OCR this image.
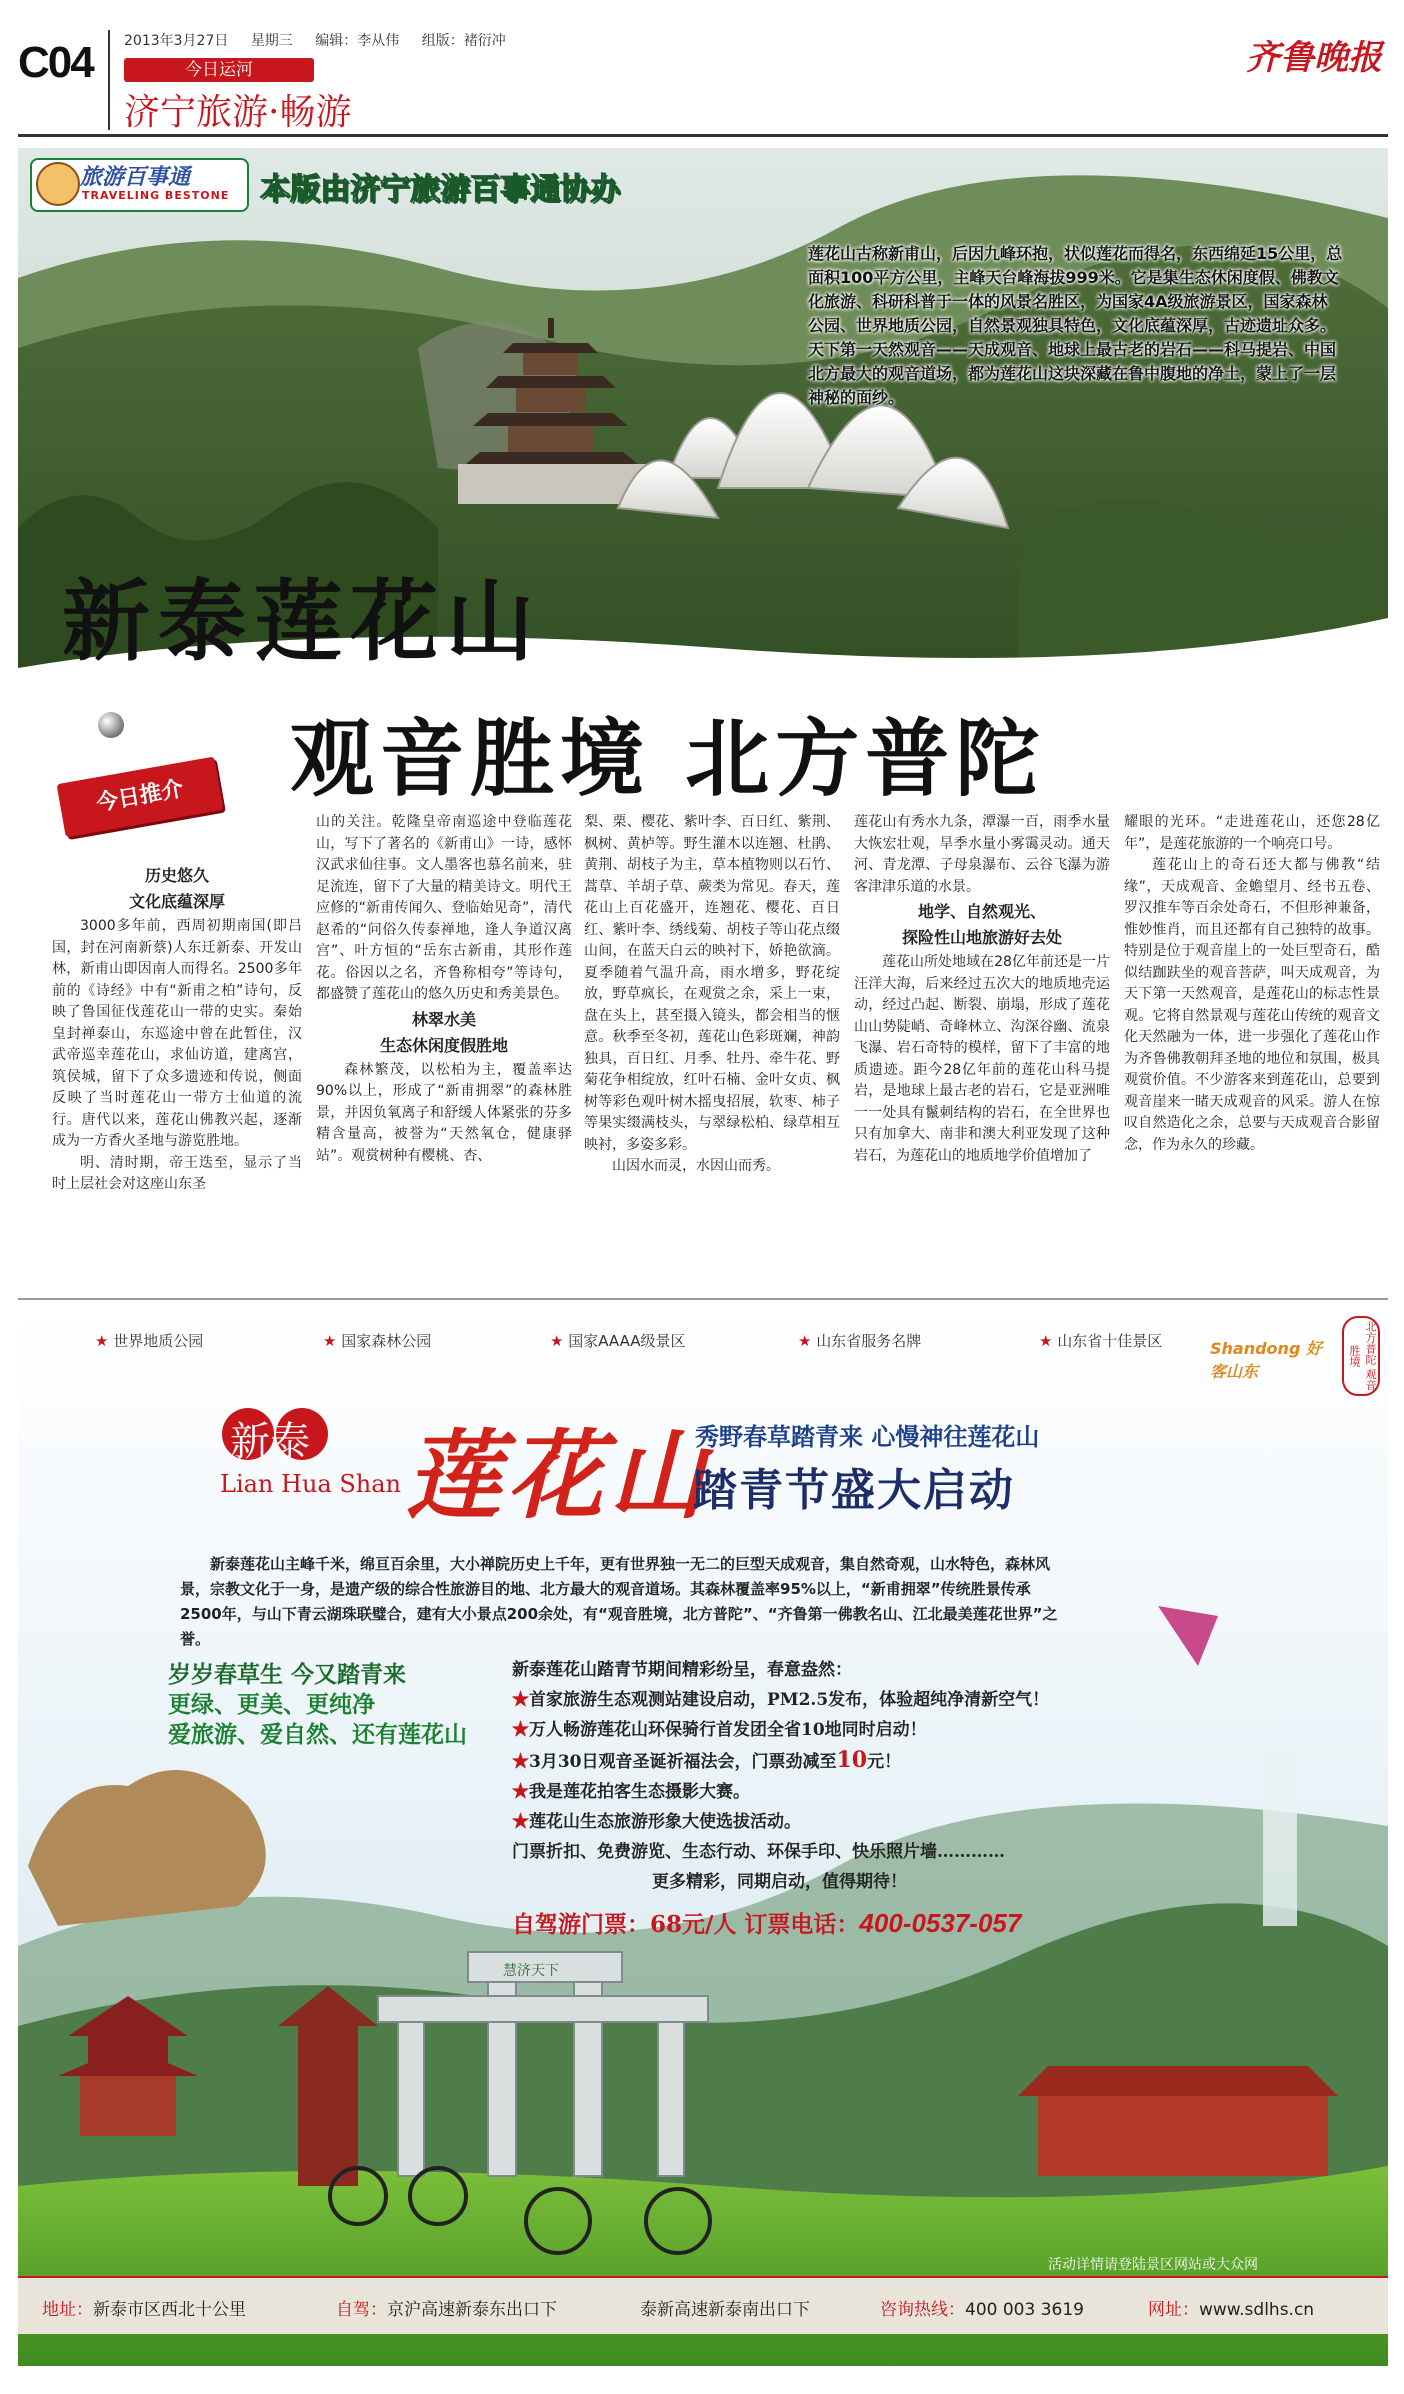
C04 2013年3月27日 星期三 编辑：李从伟 组版：褚衍冲
今日运河
济宁旅游·畅游
齐鲁晚报
旅游百事通
TRAVELING BESTONE 本版由济宁旅游百事通协办
莲花山古称新甫山，后因九峰环抱，状似莲花而得名，东西绵延15公里，总面积100平方公里，主峰天台峰海拔999米。它是集生态休闲度假、佛教文化旅游、科研科普于一体的风景名胜区，为国家4A级旅游景区，国家森林公园、世界地质公园，自然景观独具特色，文化底蕴深厚，古迹遗址众多。天下第一天然观音——天成观音、地球上最古老的岩石——科马提岩、中国北方最大的观音道场，都为莲花山这块深藏在鲁中腹地的净土，蒙上了一层神秘的面纱。
新泰莲花山
观音胜境 北方普陀
今日推介
历史悠久
文化底蕴深厚

3000多年前，西周初期南国(即吕国，封在河南新蔡)人东迁新泰、开发山林，新甫山即因南人而得名。2500多年前的《诗经》中有“新甫之柏”诗句，反映了鲁国征伐莲花山一带的史实。秦始皇封禅泰山，东巡途中曾在此暂住，汉武帝巡幸莲花山，求仙访道，建离宫，筑侯城，留下了众多遗迹和传说，侧面反映了当时莲花山一带方士仙道的流行。唐代以来，莲花山佛教兴起，逐渐成为一方香火圣地与游览胜地。

明、清时期，帝王迭至，显示了当时上层社会对这座山东圣

山的关注。乾隆皇帝南巡途中登临莲花山，写下了著名的《新甫山》一诗，感怀汉武求仙往事。文人墨客也慕名前来，驻足流连，留下了大量的精美诗文。明代王应修的“新甫传闻久、登临始见奇”，清代赵希的“问俗久传泰禅地，逢人争道汉离宫”、叶方恒的“岳东古新甫，其形作莲花。俗因以之名，齐鲁称相夸”等诗句，都盛赞了莲花山的悠久历史和秀美景色。

林翠水美
生态休闲度假胜地

森林繁茂，以松柏为主，覆盖率达90%以上，形成了“新甫拥翠”的森林胜景，并因负氧离子和舒缓人体紧张的芬多精含量高，被誉为“天然氧仓，健康驿站”。观赏树种有樱桃、杏、

梨、栗、樱花、紫叶李、百日红、紫荆、枫树、黄栌等。野生灌木以连翘、杜鹃、黄荆、胡枝子为主，草本植物则以石竹、蒿草、羊胡子草、蕨类为常见。春天，莲花山上百花盛开，连翘花、樱花、百日红、紫叶李、绣线菊、胡枝子等山花点缀山间，在蓝天白云的映衬下，娇艳欲滴。夏季随着气温升高，雨水增多，野花绽放，野草疯长，在观赏之余，采上一束，盘在头上，甚至摄入镜头，都会相当的惬意。秋季至冬初，莲花山色彩斑斓，神韵独具，百日红、月季、牡丹、牵牛花、野菊花争相绽放，红叶石楠、金叶女贞、枫树等彩色观叶树木摇曳招展，软枣、柿子等果实缀满枝头，与翠绿松柏、绿草相互映衬，多姿多彩。

山因水而灵，水因山而秀。

莲花山有秀水九条，潭瀑一百，雨季水量大恢宏壮观，旱季水量小雾霭灵动。通天河、青龙潭、子母泉瀑布、云谷飞瀑为游客津津乐道的水景。

地学、自然观光、
探险性山地旅游好去处

莲花山所处地域在28亿年前还是一片汪洋大海，后来经过五次大的地质地壳运动，经过凸起、断裂、崩塌，形成了莲花山山势陡峭、奇峰林立、沟深谷幽、流泉飞瀑、岩石奇特的模样，留下了丰富的地质遗迹。距今28亿年前的莲花山科马提岩，是地球上最古老的岩石，它是亚洲唯一一处具有鬣刺结构的岩石，在全世界也只有加拿大、南非和澳大利亚发现了这种岩石，为莲花山的地质地学价值增加了

耀眼的光环。“走进莲花山，还您28亿年”，是莲花旅游的一个响亮口号。

莲花山上的奇石还大都与佛教“结缘”，天成观音、金蟾望月、经书五卷、罗汉推车等百余处奇石，不但形神兼备，惟妙惟肖，而且还都有自己独特的故事。特别是位于观音崖上的一处巨型奇石，酷似结跏趺坐的观音菩萨，叫天成观音，为天下第一天然观音，是莲花山的标志性景观。它将自然景观与莲花山传统的观音文化天然融为一体，进一步强化了莲花山作为齐鲁佛教朝拜圣地的地位和氛围，极具观赏价值。不少游客来到莲花山，总要到观音崖来一睹天成观音的风采。游人在惊叹自然造化之余，总要与天成观音合影留念，作为永久的珍藏。

★ 世界地质公园	★ 国家森林公园	★ 国家AAAA级景区	★ 山东省服务名牌	★ 山东省十佳景区	Shandong 好客山东	北方普陀 观音胜境
新泰
Lian Hua Shan 莲花山
秀野春草踏青来 心慢神往莲花山
踏青节盛大启动
新泰莲花山主峰千米，绵亘百余里，大小禅院历史上千年，更有世界独一无二的巨型天成观音，集自然奇观，山水特色，森林风景，宗教文化于一身，是遗产级的综合性旅游目的地、北方最大的观音道场。其森林覆盖率95%以上，“新甫拥翠”传统胜景传承2500年，与山下青云湖珠联璧合，建有大小景点200余处，有“观音胜境，北方普陀”、“齐鲁第一佛教名山、江北最美莲花世界”之誉。
岁岁春草生 今又踏青来
更绿、更美、更纯净
爱旅游、爱自然、还有莲花山
新泰莲花山踏青节期间精彩纷呈，春意盎然：
★首家旅游生态观测站建设启动，PM2.5发布，体验超纯净清新空气！
★万人畅游莲花山环保骑行首发团全省10地同时启动！
★3月30日观音圣诞祈福法会，门票劲减至10元！
★我是莲花拍客生态摄影大赛。
★莲花山生态旅游形象大使选拔活动。
门票折扣、免费游览、生态行动、环保手印、快乐照片墙…………
更多精彩，同期启动，值得期待！
自驾游门票：68元/人 订票电话：400-0537-057
慧济天下
活动详情请登陆景区网站或大众网
地址：新泰市区西北十公里	自驾：京沪高速新泰东出口下	泰新高速新泰南出口下	咨询热线：400 003 3619	网址：www.sdlhs.cn
